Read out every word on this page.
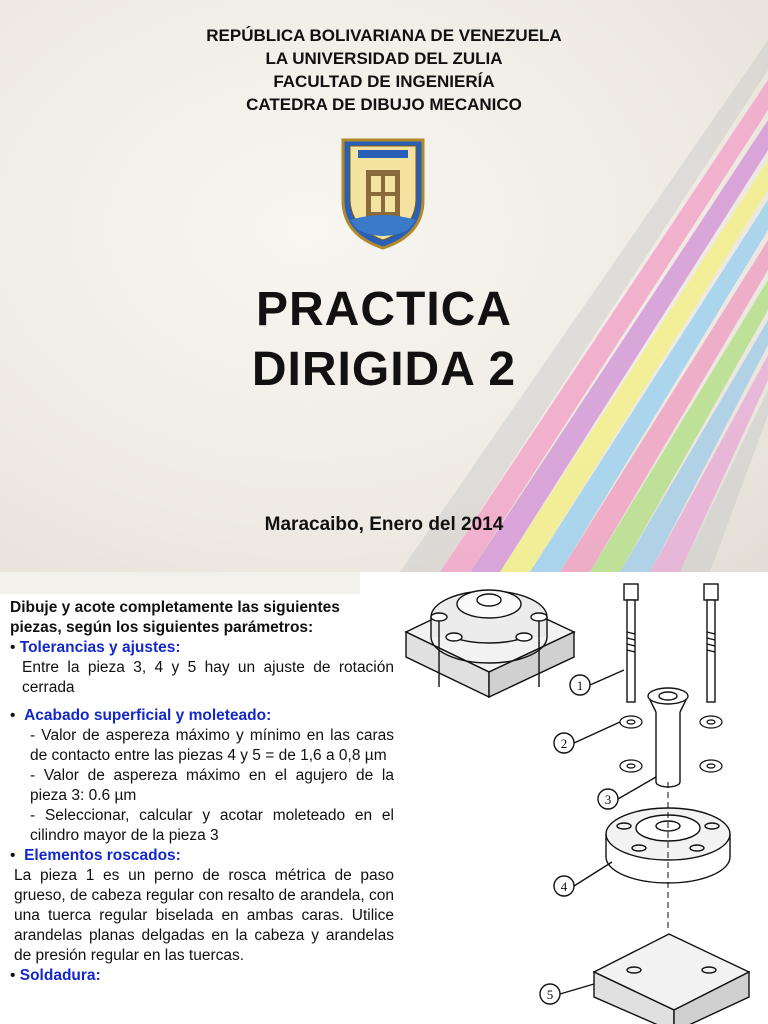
REPÚBLICA BOLIVARIANA DE VENEZUELA
LA UNIVERSIDAD DEL ZULIA
FACULTAD DE INGENIERÍA
CATEDRA DE DIBUJO MECANICO
PRACTICA
DIRIGIDA 2
Maracaibo, Enero del 2014

Dibuje y acote completamente las siguientes piezas, según los siguientes parámetros:

• Tolerancias y ajustes:

Entre la pieza 3, 4 y 5 hay un ajuste de rotación cerrada

• Acabado superficial y moleteado:

- Valor de aspereza máximo y mínimo en las caras de contacto entre las piezas 4 y 5 = de 1,6 a 0,8 µm

- Valor de aspereza máximo en el agujero de la pieza 3: 0.6 µm

- Seleccionar, calcular y acotar moleteado en el cilindro mayor de la pieza 3

• Elementos roscados:

La pieza 1 es un perno de rosca métrica de paso grueso, de cabeza regular con resalto de arandela, con una tuerca regular biselada en ambas caras. Utilice arandelas planas delgadas en la cabeza y arandelas de presión regular en las tuercas.

• Soldadura:

1
2
3
4
5
